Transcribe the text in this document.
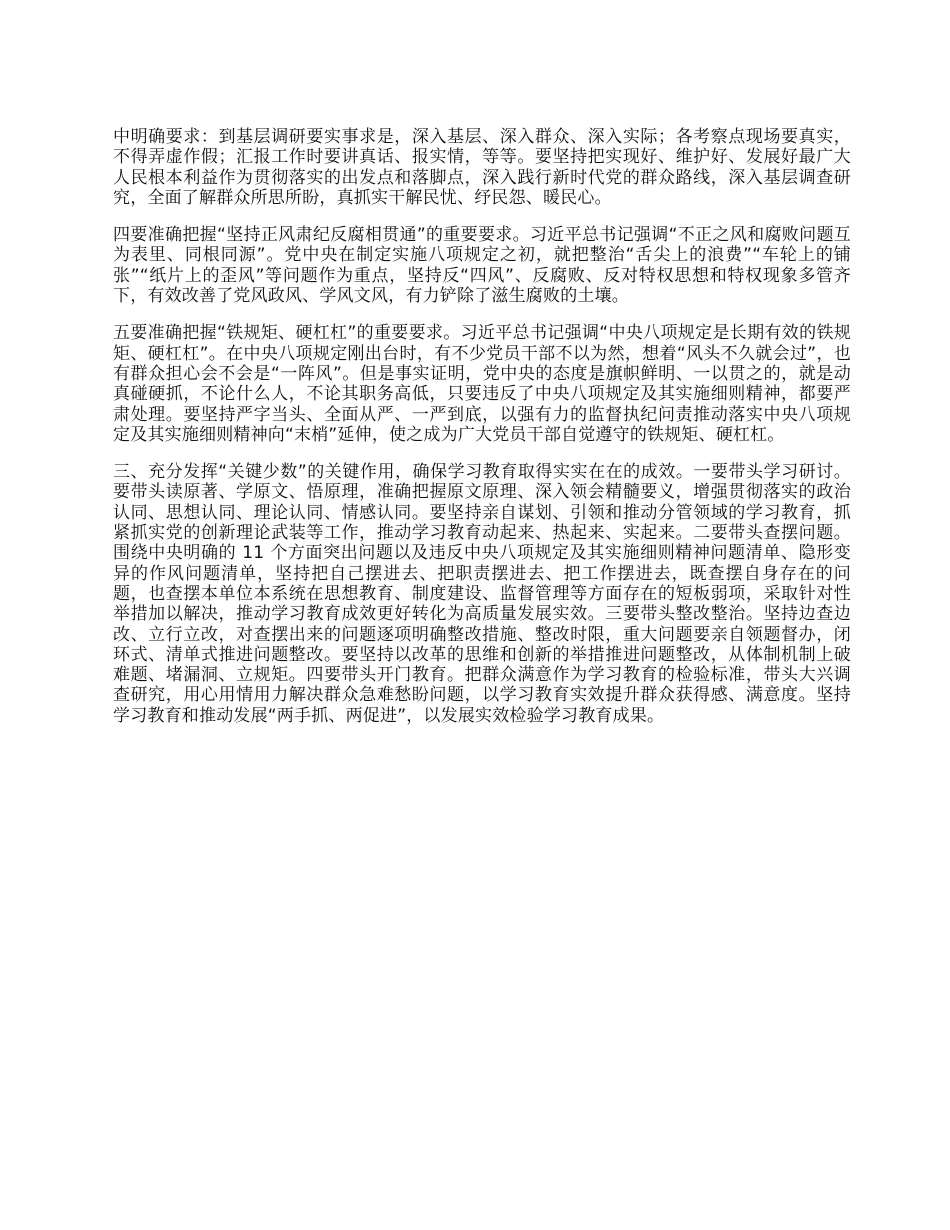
中明确要求：到基层调研要实事求是，深入基层、深入群众、深入实际；各考察点现场要真实，不得弄虚作假；汇报工作时要讲真话、报实情，等等。要坚持把实现好、维护好、发展好最广大人民根本利益作为贯彻落实的出发点和落脚点，深入践行新时代党的群众路线，深入基层调查研究，全面了解群众所思所盼，真抓实干解民忧、纾民怨、暖民心。

四要准确把握“坚持正风肃纪反腐相贯通”的重要要求。习近平总书记强调“不正之风和腐败问题互为表里、同根同源”。党中央在制定实施八项规定之初，就把整治“舌尖上的浪费”“车轮上的铺张”“纸片上的歪风”等问题作为重点，坚持反“四风”、反腐败、反对特权思想和特权现象多管齐下，有效改善了党风政风、学风文风，有力铲除了滋生腐败的土壤。

五要准确把握“铁规矩、硬杠杠”的重要要求。习近平总书记强调“中央八项规定是长期有效的铁规矩、硬杠杠”。在中央八项规定刚出台时，有不少党员干部不以为然，想着“风头不久就会过”，也有群众担心会不会是“一阵风”。但是事实证明，党中央的态度是旗帜鲜明、一以贯之的，就是动真碰硬抓，不论什么人，不论其职务高低，只要违反了中央八项规定及其实施细则精神，都要严肃处理。要坚持严字当头、全面从严、一严到底，以强有力的监督执纪问责推动落实中央八项规定及其实施细则精神向“末梢”延伸，使之成为广大党员干部自觉遵守的铁规矩、硬杠杠。

三、充分发挥“关键少数”的关键作用，确保学习教育取得实实在在的成效。一要带头学习研讨。要带头读原著、学原文、悟原理，准确把握原文原理、深入领会精髓要义，增强贯彻落实的政治认同、思想认同、理论认同、情感认同。要坚持亲自谋划、引领和推动分管领域的学习教育，抓紧抓实党的创新理论武装等工作，推动学习教育动起来、热起来、实起来。二要带头查摆问题。围绕中央明确的 11 个方面突出问题以及违反中央八项规定及其实施细则精神问题清单、隐形变异的作风问题清单，坚持把自己摆进去、把职责摆进去、把工作摆进去，既查摆自身存在的问题，也查摆本单位本系统在思想教育、制度建设、监督管理等方面存在的短板弱项，采取针对性举措加以解决，推动学习教育成效更好转化为高质量发展实效。三要带头整改整治。坚持边查边改、立行立改，对查摆出来的问题逐项明确整改措施、整改时限，重大问题要亲自领题督办，闭环式、清单式推进问题整改。要坚持以改革的思维和创新的举措推进问题整改，从体制机制上破难题、堵漏洞、立规矩。四要带头开门教育。把群众满意作为学习教育的检验标准，带头大兴调查研究，用心用情用力解决群众急难愁盼问题，以学习教育实效提升群众获得感、满意度。坚持学习教育和推动发展“两手抓、两促进”，以发展实效检验学习教育成果。
